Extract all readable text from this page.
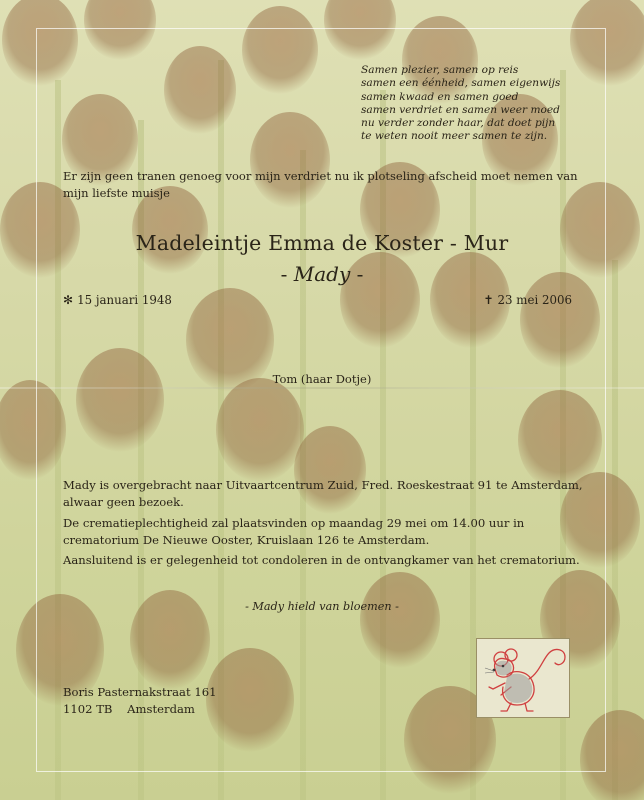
Samen plezier, samen op reis
samen een éénheid, samen eigenwijs
samen kwaad en samen goed
samen verdriet en samen weer moed
nu verder zonder haar, dat doet pijn
te weten nooit meer samen te zijn.
Er zijn geen tranen genoeg voor mijn verdriet nu ik plotseling afscheid moet nemen van mijn liefste muisje
Madeleintje Emma de Koster - Mur
- Mady -
✻ 15 januari 1948	✝ 23 mei 2006
Tom (haar Dotje)
Mady is overgebracht naar Uitvaartcentrum Zuid, Fred. Roeskestraat 91 te Amsterdam, alwaar geen bezoek.
De crematieplechtigheid zal plaatsvinden op maandag 29 mei om 14.00 uur in crematorium De Nieuwe Ooster, Kruislaan 126 te Amsterdam.
Aansluitend is er gelegenheid tot condoleren in de ontvangkamer van het crematorium.
- Mady hield van bloemen -
Boris Pasternakstraat 161
1102 TB    Amsterdam
